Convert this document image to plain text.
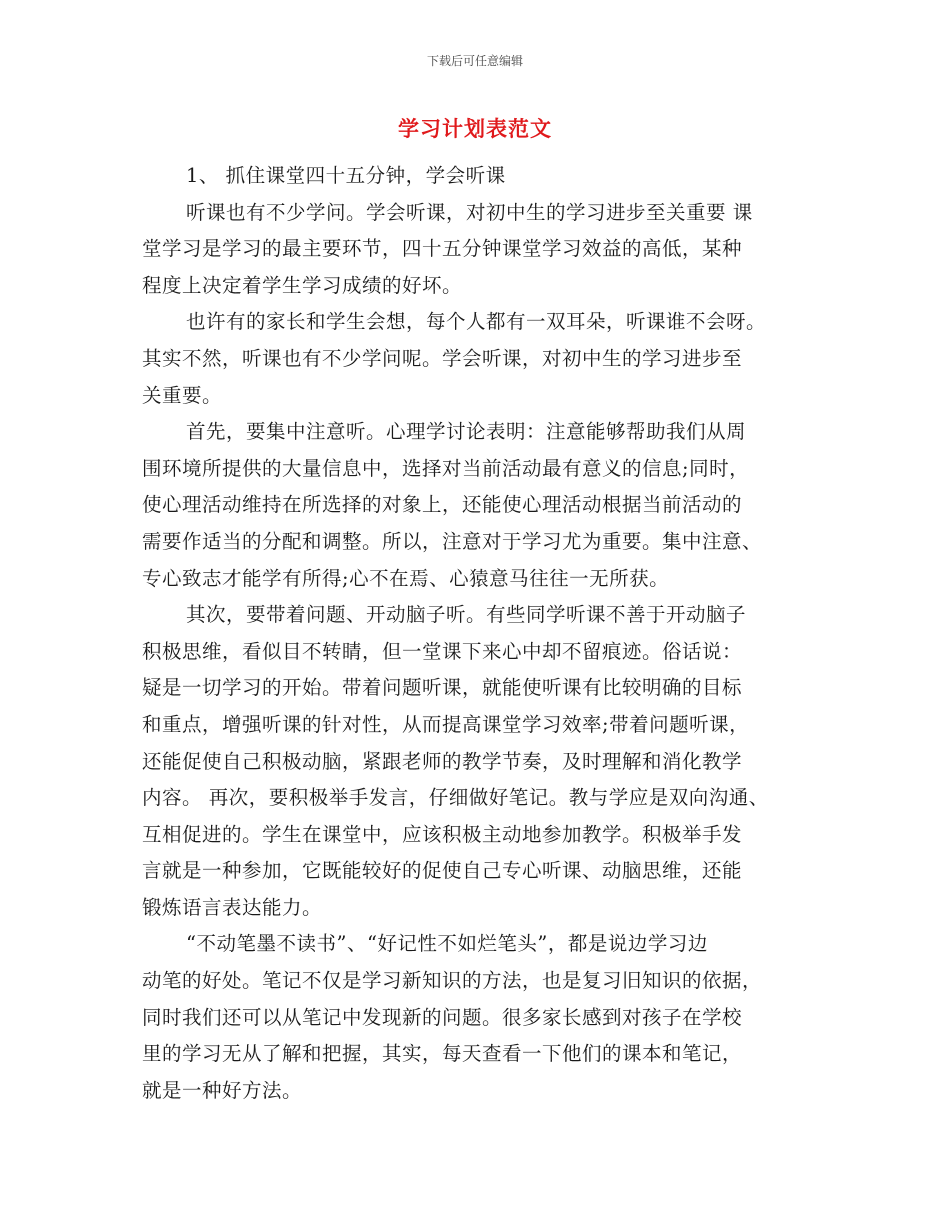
下载后可任意编辑
学习计划表范文
1、 抓住课堂四十五分钟，学会听课
听课也有不少学问。学会听课，对初中生的学习进步至关重要 课
堂学习是学习的最主要环节，四十五分钟课堂学习效益的高低，某种
程度上决定着学生学习成绩的好坏。
也许有的家长和学生会想，每个人都有一双耳朵，听课谁不会呀。
其实不然，听课也有不少学问呢。学会听课，对初中生的学习进步至
关重要。
首先，要集中注意听。心理学讨论表明：注意能够帮助我们从周
围环境所提供的大量信息中，选择对当前活动最有意义的信息;同时，
使心理活动维持在所选择的对象上，还能使心理活动根据当前活动的
需要作适当的分配和调整。所以，注意对于学习尤为重要。集中注意、
专心致志才能学有所得;心不在焉、心猿意马往往一无所获。
其次，要带着问题、开动脑子听。有些同学听课不善于开动脑子
积极思维，看似目不转睛，但一堂课下来心中却不留痕迹。俗话说：
疑是一切学习的开始。带着问题听课，就能使听课有比较明确的目标
和重点，增强听课的针对性，从而提高课堂学习效率;带着问题听课，
还能促使自己积极动脑，紧跟老师的教学节奏，及时理解和消化教学
内容。 再次，要积极举手发言，仔细做好笔记。教与学应是双向沟通、
互相促进的。学生在课堂中，应该积极主动地参加教学。积极举手发
言就是一种参加，它既能较好的促使自己专心听课、动脑思维，还能
锻炼语言表达能力。
“不动笔墨不读书”、“好记性不如烂笔头”，都是说边学习边
动笔的好处。笔记不仅是学习新知识的方法，也是复习旧知识的依据，
同时我们还可以从笔记中发现新的问题。很多家长感到对孩子在学校
里的学习无从了解和把握，其实，每天查看一下他们的课本和笔记，
就是一种好方法。
